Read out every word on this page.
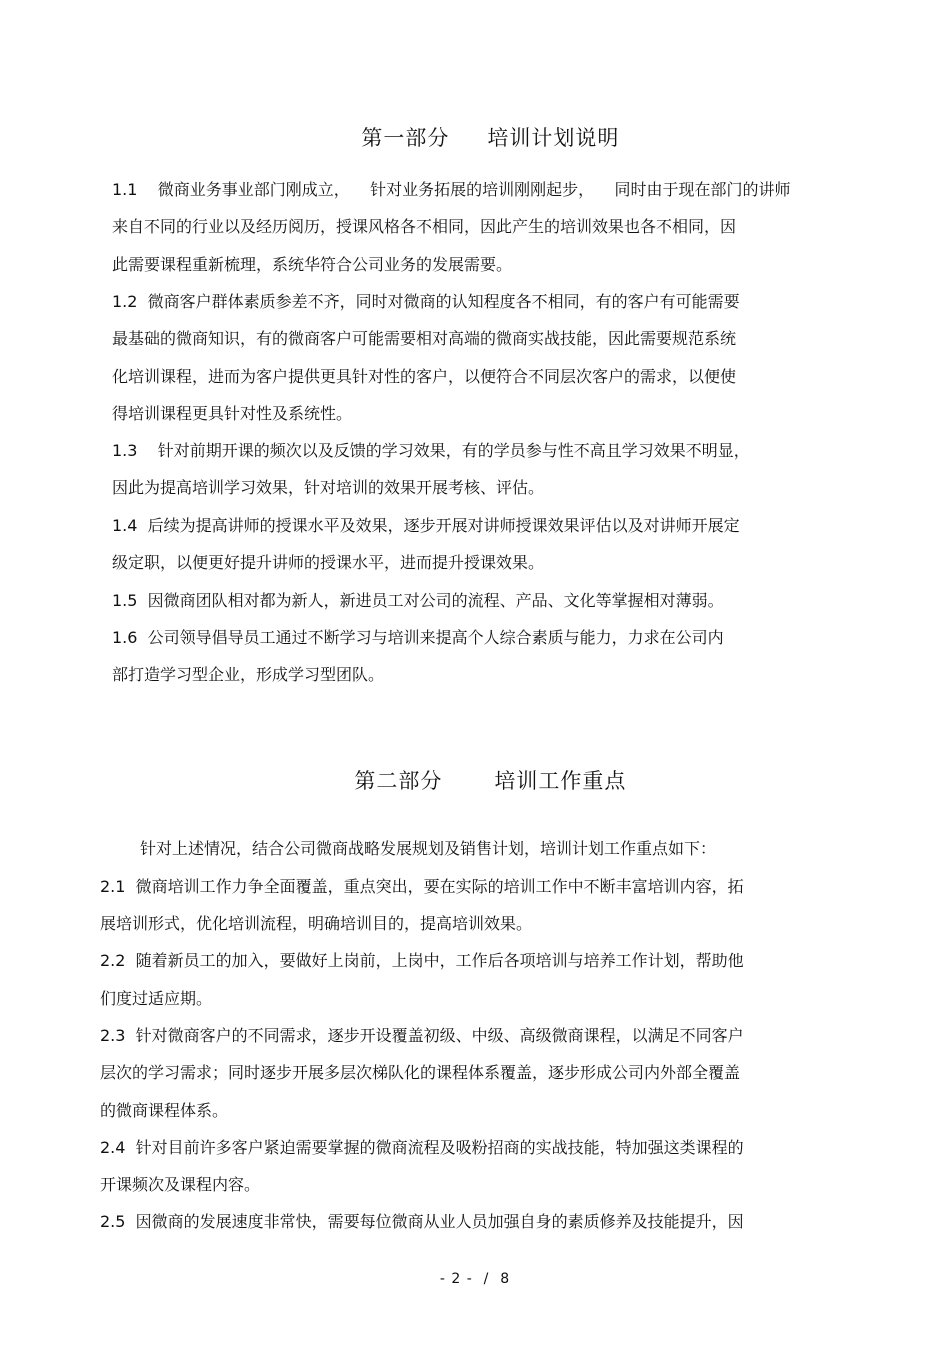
第一部分 培训计划说明

1.1    微商业务事业部门刚成立，    针对业务拓展的培训刚刚起步，    同时由于现在部门的讲师
来自不同的行业以及经历阅历，授课风格各不相同，因此产生的培训效果也各不相同，因
此需要课程重新梳理，系统华符合公司业务的发展需要。
1.2  微商客户群体素质参差不齐，同时对微商的认知程度各不相同，有的客户有可能需要
最基础的微商知识，有的微商客户可能需要相对高端的微商实战技能，因此需要规范系统
化培训课程，进而为客户提供更具针对性的客户，以便符合不同层次客户的需求，以便使
得培训课程更具针对性及系统性。
1.3    针对前期开课的频次以及反馈的学习效果，有的学员参与性不高且学习效果不明显，
因此为提高培训学习效果，针对培训的效果开展考核、评估。
1.4  后续为提高讲师的授课水平及效果，逐步开展对讲师授课效果评估以及对讲师开展定
级定职，以便更好提升讲师的授课水平，进而提升授课效果。
1.5  因微商团队相对都为新人，新进员工对公司的流程、产品、文化等掌握相对薄弱。
1.6  公司领导倡导员工通过不断学习与培训来提高个人综合素质与能力，力求在公司内
部打造学习型企业，形成学习型团队。

第二部分 培训工作重点

针对上述情况，结合公司微商战略发展规划及销售计划，培训计划工作重点如下：
2.1  微商培训工作力争全面覆盖，重点突出，要在实际的培训工作中不断丰富培训内容，拓
展培训形式，优化培训流程，明确培训目的，提高培训效果。
2.2  随着新员工的加入，要做好上岗前，上岗中，工作后各项培训与培养工作计划，帮助他
们度过适应期。
2.3  针对微商客户的不同需求，逐步开设覆盖初级、中级、高级微商课程，以满足不同客户
层次的学习需求；同时逐步开展多层次梯队化的课程体系覆盖，逐步形成公司内外部全覆盖
的微商课程体系。
2.4  针对目前许多客户紧迫需要掌握的微商流程及吸粉招商的实战技能，特加强这类课程的
开课频次及课程内容。
2.5  因微商的发展速度非常快，需要每位微商从业人员加强自身的素质修养及技能提升，因
- 2 -  /  8
